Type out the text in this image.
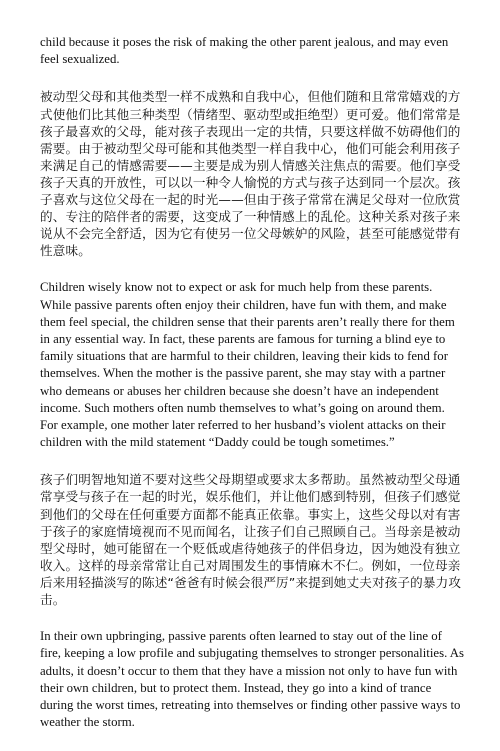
child because it poses the risk of making the other parent jealous, and may even feel sexualized.

被动型父母和其他类型一样不成熟和自我中心，但他们随和且常常嬉戏的方式使他们比其他三种类型（情绪型、驱动型或拒绝型）更可爱。他们常常是孩子最喜欢的父母，能对孩子表现出一定的共情，只要这样做不妨碍他们的需要。由于被动型父母可能和其他类型一样自我中心，他们可能会利用孩子来满足自己的情感需要——主要是成为别人情感关注焦点的需要。他们享受孩子天真的开放性，可以以一种令人愉悦的方式与孩子达到同一个层次。孩子喜欢与这位父母在一起的时光——但由于孩子常常在满足父母对一位欣赏的、专注的陪伴者的需要，这变成了一种情感上的乱伦。这种关系对孩子来说从不会完全舒适，因为它有使另一位父母嫉妒的风险，甚至可能感觉带有性意味。

Children wisely know not to expect or ask for much help from these parents. While passive parents often enjoy their children, have fun with them, and make them feel special, the children sense that their parents aren’t really there for them in any essential way. In fact, these parents are famous for turning a blind eye to family situations that are harmful to their children, leaving their kids to fend for themselves. When the mother is the passive parent, she may stay with a partner who demeans or abuses her children because she doesn’t have an independent income. Such mothers often numb themselves to what’s going on around them. For example, one mother later referred to her husband’s violent attacks on their children with the mild statement “Daddy could be tough sometimes.”

孩子们明智地知道不要对这些父母期望或要求太多帮助。虽然被动型父母通常享受与孩子在一起的时光，娱乐他们，并让他们感到特别，但孩子们感觉到他们的父母在任何重要方面都不能真正依靠。事实上，这些父母以对有害于孩子的家庭情境视而不见而闻名，让孩子们自己照顾自己。当母亲是被动型父母时，她可能留在一个贬低或虐待她孩子的伴侣身边，因为她没有独立收入。这样的母亲常常让自己对周围发生的事情麻木不仁。例如，一位母亲后来用轻描淡写的陈述“爸爸有时候会很严厉”来提到她丈夫对孩子的暴力攻击。

In their own upbringing, passive parents often learned to stay out of the line of fire, keeping a low profile and subjugating themselves to stronger personalities. As adults, it doesn’t occur to them that they have a mission not only to have fun with their own children, but to protect them. Instead, they go into a kind of trance during the worst times, retreating into themselves or finding other passive ways to weather the storm.
